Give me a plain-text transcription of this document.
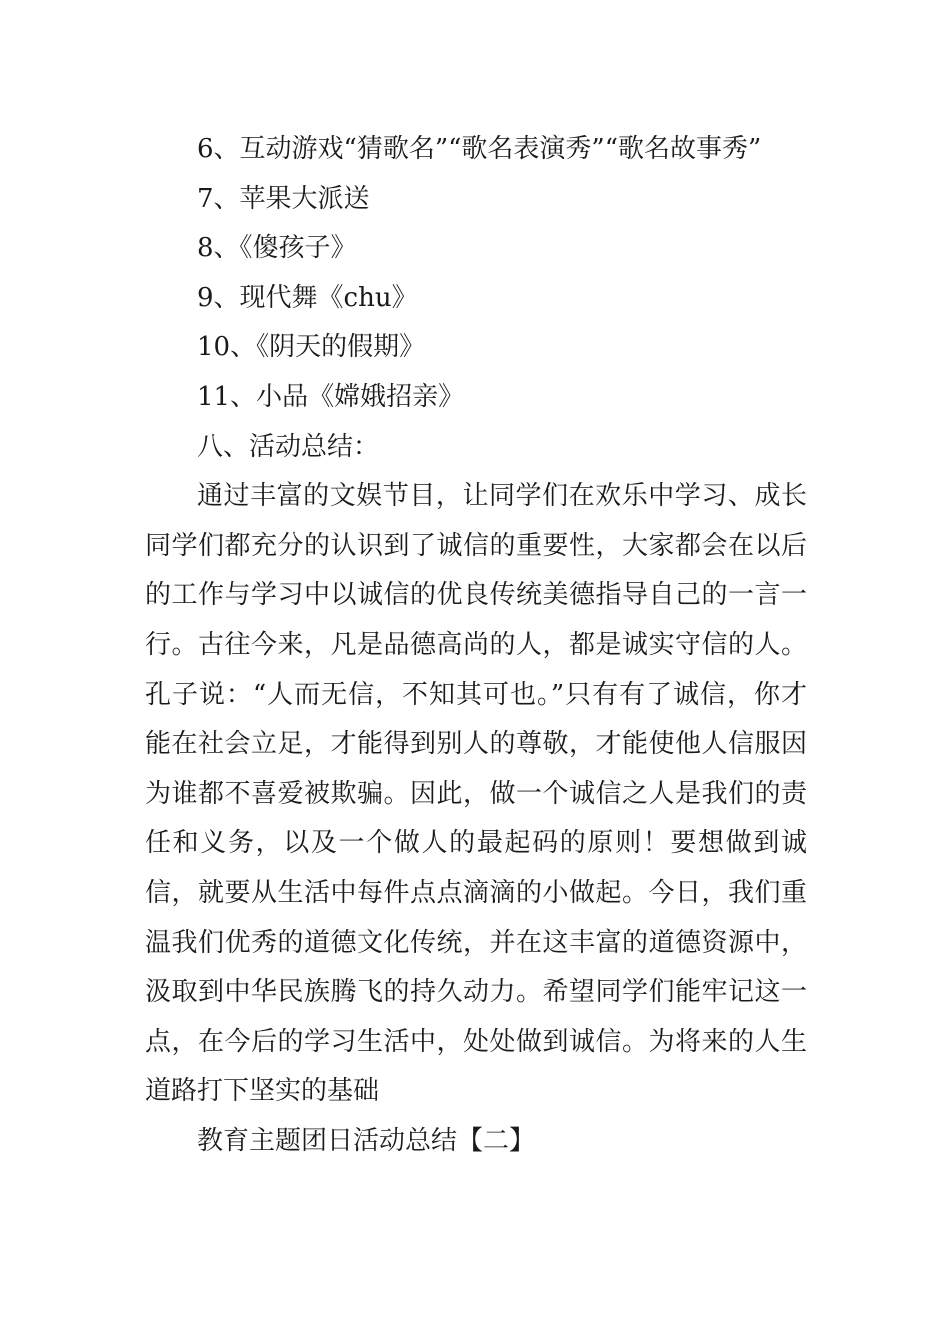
6、互动游戏“猜歌名”“歌名表演秀”“歌名故事秀”

7、苹果大派送

8、《傻孩子》

9、现代舞《chu》

10、《阴天的假期》

11、小品《嫦娥招亲》

八、活动总结：

通过丰富的文娱节目，让同学们在欢乐中学习、成长同学们都充分的认识到了诚信的重要性，大家都会在以后的工作与学习中以诚信的优良传统美德指导自己的一言一行。古往今来，凡是品德高尚的人，都是诚实守信的人。孔子说：“人而无信，不知其可也。”只有有了诚信，你才能在社会立足，才能得到别人的尊敬，才能使他人信服因为谁都不喜爱被欺骗。因此，做一个诚信之人是我们的责任和义务，以及一个做人的最起码的原则！要想做到诚信，就要从生活中每件点点滴滴的小做起。今日，我们重温我们优秀的道德文化传统，并在这丰富的道德资源中，汲取到中华民族腾飞的持久动力。希望同学们能牢记这一点，在今后的学习生活中，处处做到诚信。为将来的人生道路打下坚实的基础

教育主题团日活动总结【二】
